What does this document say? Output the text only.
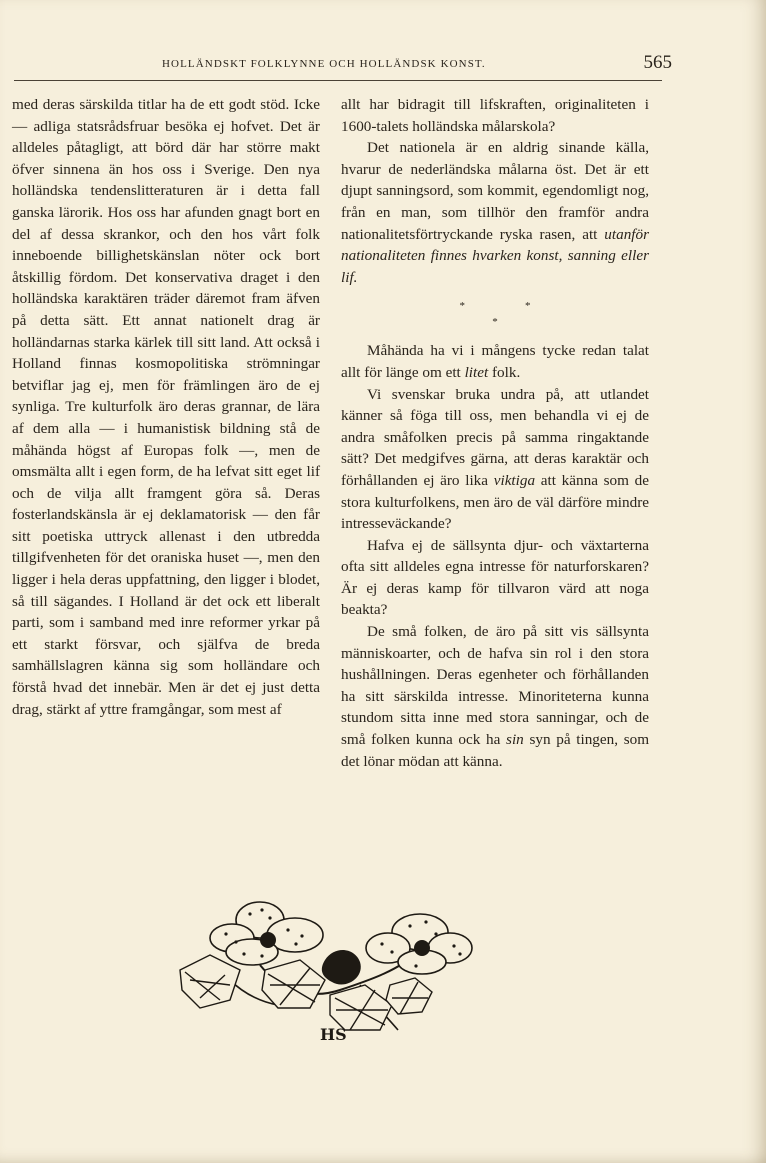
HOLLÄNDSKT FOLKLYNNE OCH HOLLÄNDSK KONST.	565

med deras särskilda titlar ha de ett godt stöd. Icke — adliga statsrådsfruar besöka ej hofvet. Det är alldeles påtagligt, att börd där har större makt öfver sinnena än hos oss i Sverige. Den nya holländska tendenslitteraturen är i detta fall ganska lärorik. Hos oss har afunden gnagt bort en del af dessa skrankor, och den hos vårt folk inneboende billighetskänslan nöter ock bort åtskillig fördom. Det konservativa draget i den holländska karaktären träder däremot fram äfven på detta sätt. Ett annat nationelt drag är holländarnas starka kärlek till sitt land. Att också i Holland finnas kosmopolitiska strömningar betviflar jag ej, men för främlingen äro de ej synliga. Tre kulturfolk äro deras grannar, de lära af dem alla — i humanistisk bildning stå de måhända högst af Europas folk —, men de omsmälta allt i egen form, de ha lefvat sitt eget lif och de vilja allt framgent göra så. Deras fosterlandskänsla är ej deklamatorisk — den får sitt poetiska uttryck allenast i den utbredda tillgifvenheten för det oraniska huset —, men den ligger i hela deras uppfattning, den ligger i blodet, så till sägandes. I Holland är det ock ett liberalt parti, som i samband med inre reformer yrkar på ett starkt försvar, och själfva de breda samhällslagren känna sig som holländare och förstå hvad det innebär. Men är det ej just detta drag, stärkt af yttre framgångar, som mest af

allt har bidragit till lifskraften, originaliteten i 1600-talets holländska målarskola?

Det nationela är en aldrig sinande källa, hvarur de nederländska målarna öst. Det är ett djupt sanningsord, som kommit, egendomligt nog, från en man, som tillhör den framför andra nationalitetsförtryckande ryska rasen, att utanför nationaliteten finnes hvarken konst, sanning eller lif.

*	*
*

Måhända ha vi i mångens tycke redan talat allt för länge om ett litet folk.

Vi svenskar bruka undra på, att utlandet känner så föga till oss, men behandla vi ej de andra småfolken precis på samma ringaktande sätt? Det medgifves gärna, att deras karaktär och förhållanden ej äro lika viktiga att känna som de stora kulturfolkens, men äro de väl därföre mindre intresseväckande?

Hafva ej de sällsynta djur- och växtarterna ofta sitt alldeles egna intresse för naturforskaren? Är ej deras kamp för tillvaron värd att noga beakta?

De små folken, de äro på sitt vis sällsynta människoarter, och de hafva sin rol i den stora hushållningen. Deras egenheter och förhållanden ha sitt särskilda intresse. Minoriteterna kunna stundom sitta inne med stora sanningar, och de små folken kunna ock ha sin syn på tingen, som det lönar mödan att känna.

HS
